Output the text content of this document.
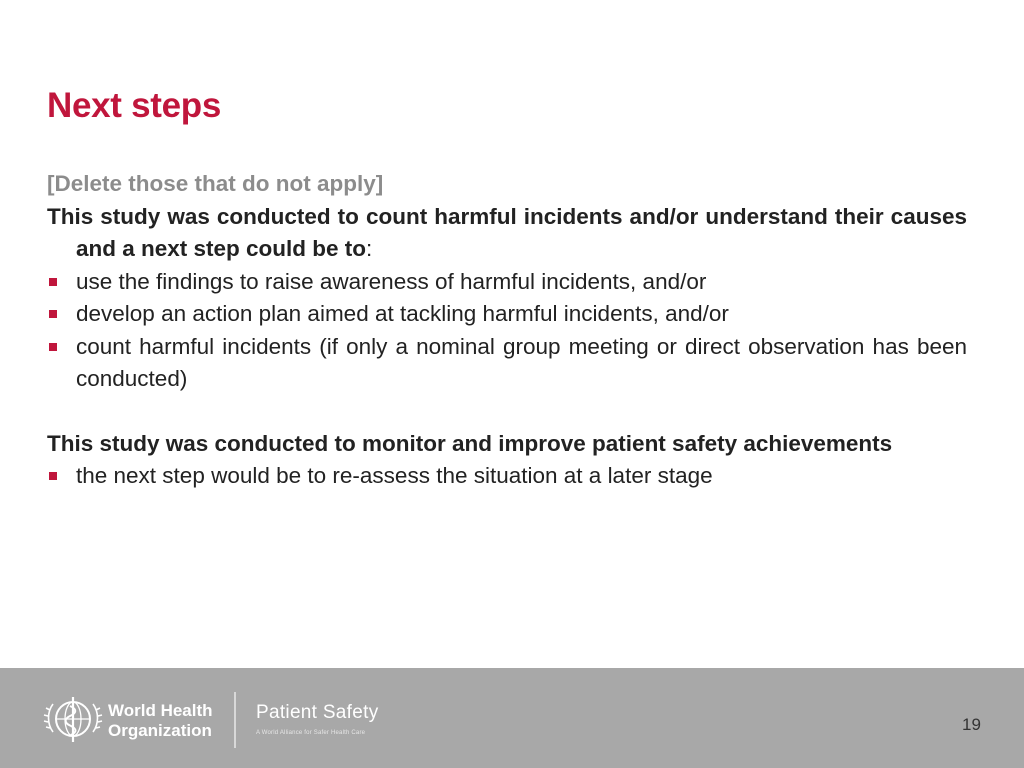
Next steps
[Delete those that do not apply]
This study was conducted to count harmful incidents and/or understand their causes and a next step could be to:
use the findings to raise awareness of harmful incidents, and/or
develop an action plan aimed at tackling harmful incidents, and/or
count harmful incidents (if only a nominal group meeting or direct observation has been conducted)
This study was conducted to monitor and improve patient safety achievements
the next step would be to re-assess the situation at a later stage
World Health
Organization
Patient Safety
A World Alliance for Safer Health Care	19
